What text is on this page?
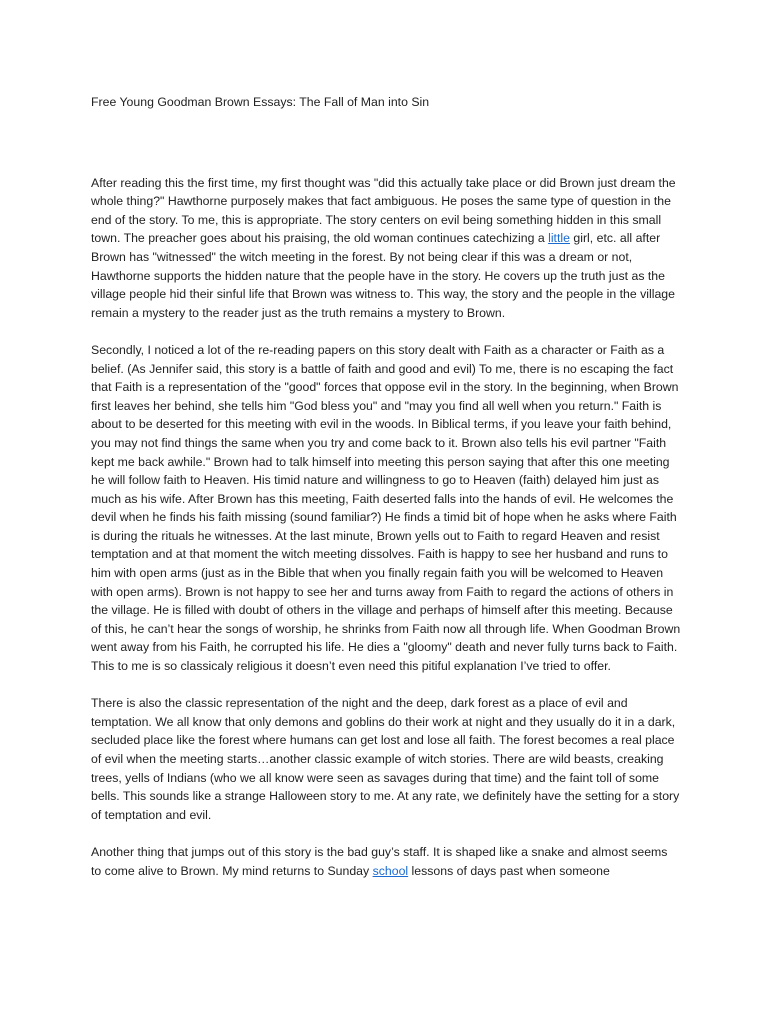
Free Young Goodman Brown Essays: The Fall of Man into Sin

After reading this the first time, my first thought was "did this actually take place or did Brown just dream the whole thing?" Hawthorne purposely makes that fact ambiguous. He poses the same type of question in the end of the story. To me, this is appropriate. The story centers on evil being something hidden in this small town. The preacher goes about his praising, the old woman continues catechizing a little girl, etc. all after Brown has "witnessed" the witch meeting in the forest. By not being clear if this was a dream or not, Hawthorne supports the hidden nature that the people have in the story. He covers up the truth just as the village people hid their sinful life that Brown was witness to. This way, the story and the people in the village remain a mystery to the reader just as the truth remains a mystery to Brown.

Secondly, I noticed a lot of the re-reading papers on this story dealt with Faith as a character or Faith as a belief. (As Jennifer said, this story is a battle of faith and good and evil) To me, there is no escaping the fact that Faith is a representation of the "good" forces that oppose evil in the story. In the beginning, when Brown first leaves her behind, she tells him "God bless you" and "may you find all well when you return." Faith is about to be deserted for this meeting with evil in the woods. In Biblical terms, if you leave your faith behind, you may not find things the same when you try and come back to it. Brown also tells his evil partner "Faith kept me back awhile." Brown had to talk himself into meeting this person saying that after this one meeting he will follow faith to Heaven. His timid nature and willingness to go to Heaven (faith) delayed him just as much as his wife. After Brown has this meeting, Faith deserted falls into the hands of evil. He welcomes the devil when he finds his faith missing (sound familiar?) He finds a timid bit of hope when he asks where Faith is during the rituals he witnesses. At the last minute, Brown yells out to Faith to regard Heaven and resist temptation and at that moment the witch meeting dissolves. Faith is happy to see her husband and runs to him with open arms (just as in the Bible that when you finally regain faith you will be welcomed to Heaven with open arms). Brown is not happy to see her and turns away from Faith to regard the actions of others in the village. He is filled with doubt of others in the village and perhaps of himself after this meeting. Because of this, he can’t hear the songs of worship, he shrinks from Faith now all through life. When Goodman Brown went away from his Faith, he corrupted his life. He dies a "gloomy" death and never fully turns back to Faith. This to me is so classicaly religious it doesn’t even need this pitiful explanation I’ve tried to offer.

There is also the classic representation of the night and the deep, dark forest as a place of evil and temptation. We all know that only demons and goblins do their work at night and they usually do it in a dark, secluded place like the forest where humans can get lost and lose all faith. The forest becomes a real place of evil when the meeting starts…another classic example of witch stories. There are wild beasts, creaking trees, yells of Indians (who we all know were seen as savages during that time) and the faint toll of some bells. This sounds like a strange Halloween story to me. At any rate, we definitely have the setting for a story of temptation and evil.

Another thing that jumps out of this story is the bad guy’s staff. It is shaped like a snake and almost seems to come alive to Brown. My mind returns to Sunday school lessons of days past when someone
